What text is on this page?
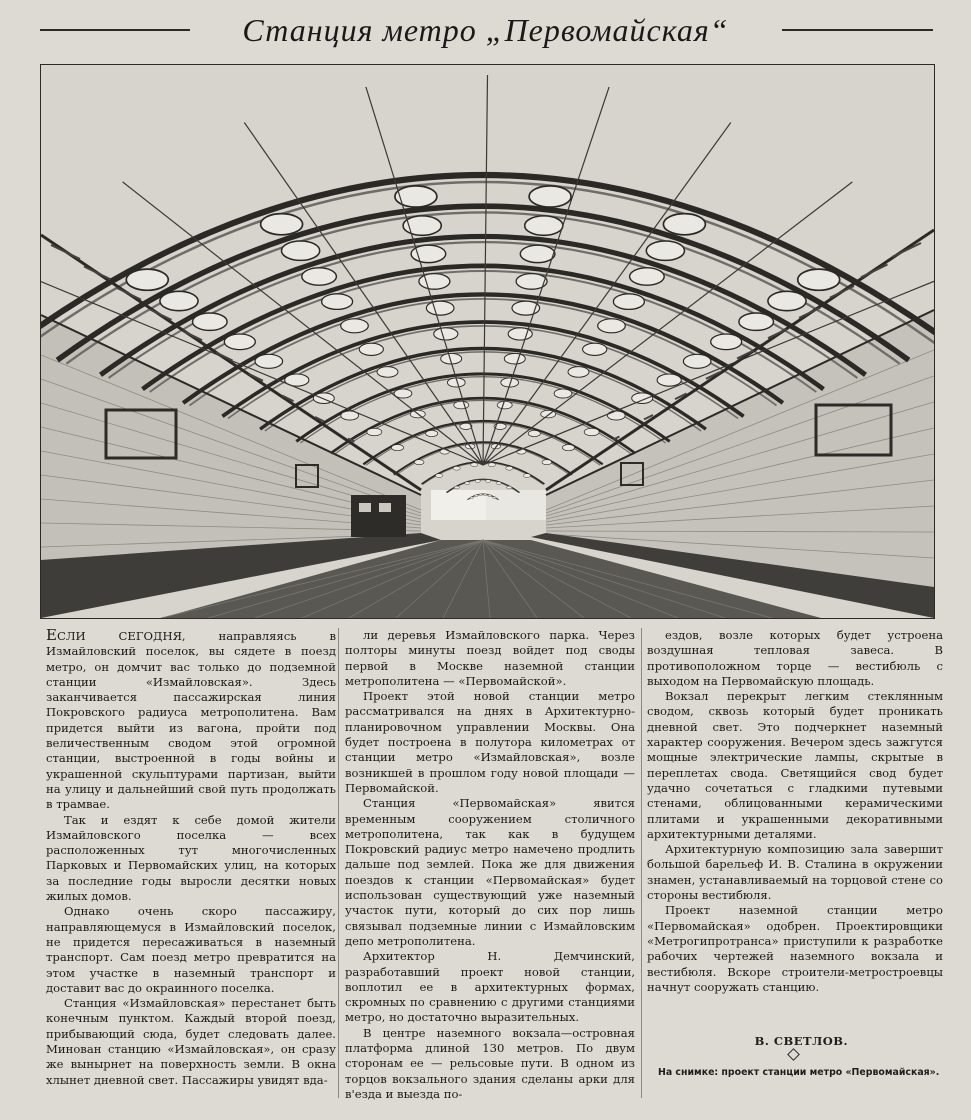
Станция метро „Первомайская“

ЕСЛИ СЕГОДНЯ, направляясь в Измайловский поселок, вы сядете в поезд метро, он домчит вас только до подземной станции «Измайловская». Здесь заканчивается пассажирская линия Покровского радиуса метрополитена. Вам придется выйти из вагона, пройти под величественным сводом этой огромной станции, выстроенной в годы войны и украшенной скульптурами партизан, выйти на улицу и дальнейший свой путь продолжать в трамвае.

Так и ездят к себе домой жители Измайловского поселка — всех расположенных тут многочисленных Парковых и Первомайских улиц, на которых за последние годы выросли десятки новых жилых домов.

Однако очень скоро пассажиру, направляющемуся в Измайловский поселок, не придется пересаживаться в наземный транспорт. Сам поезд метро превратится на этом участке в наземный транспорт и доставит вас до окраинного поселка.

Станция «Измайловская» перестанет быть конечным пунктом. Каждый второй поезд, прибывающий сюда, будет следовать далее. Минован станцию «Измайловская», он сразу же вынырнет на поверхность земли. В окна хлынет дневной свет. Пассажиры увидят вда-

ли деревья Измайловского парка. Через полторы минуты поезд войдет под своды первой в Москве наземной станции метрополитена — «Первомайской».

Проект этой новой станции метро рассматривался на днях в Архитектурно-планировочном управлении Москвы. Она будет построена в полутора километрах от станции метро «Измайловская», возле возникшей в прошлом году новой площади — Первомайской.

Станция «Первомайская» явится временным сооружением столичного метрополитена, так как в будущем Покровский радиус метро намечено продлить дальше под землей. Пока же для движения поездов к станции «Первомайская» будет использован существующий уже наземный участок пути, который до сих пор лишь связывал подземные линии с Измайловским депо метрополитена.

Архитектор Н. Демчинский, разработавший проект новой станции, воплотил ее в архитектурных формах, скромных по сравнению с другими станциями метро, но достаточно выразительных.

В центре наземного вокзала—островная платформа длиной 130 метров. По двум сторонам ее — рельсовые пути. В одном из торцов вокзального здания сделаны арки для в'езда и выезда по-

ездов, возле которых будет устроена воздушная тепловая завеса. В противоположном торце — вестибюль с выходом на Первомайскую площадь.

Вокзал перекрыт легким стеклянным сводом, сквозь который будет проникать дневной свет. Это подчеркнет наземный характер сооружения. Вечером здесь зажгутся мощные электрические лампы, скрытые в переплетах свода. Светящийся свод будет удачно сочетаться с гладкими путевыми стенами, облицованными керамическими плитами и украшенными декоративными архитектурными деталями.

Архитектурную композицию зала завершит большой барельеф И. В. Сталина в окружении знамен, устанавливаемый на торцовой стене со стороны вестибюля.

Проект наземной станции метро «Первомайская» одобрен. Проектировщики «Метрогипротранса» приступили к разработке рабочих чертежей наземного вокзала и вестибюля. Вскоре строители-метростроевцы начнут сооружать станцию.

В. СВЕТЛОВ.
На снимке: проект станции метро «Первомайская».
